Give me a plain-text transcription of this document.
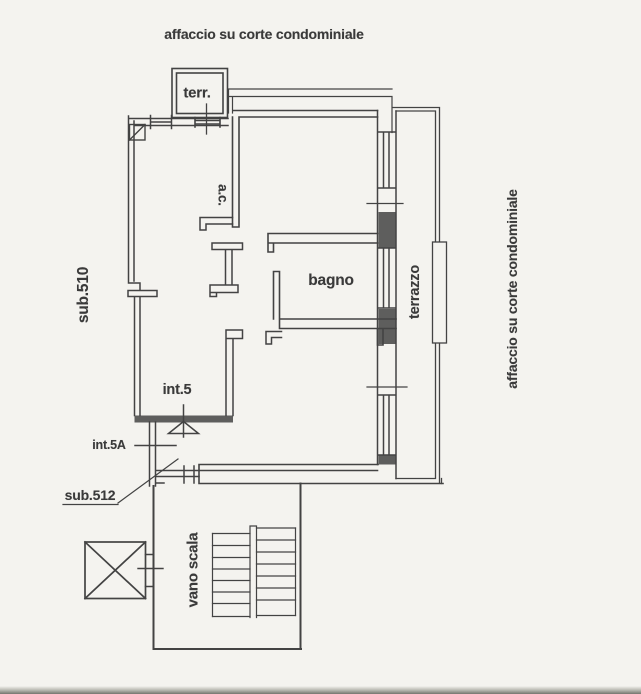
affaccio su corte condominiale
affaccio su corte condominiale
sub.510
terr.
a.c.
bagno	terrazzo
int.5
int.5A
sub.512
vano scala
